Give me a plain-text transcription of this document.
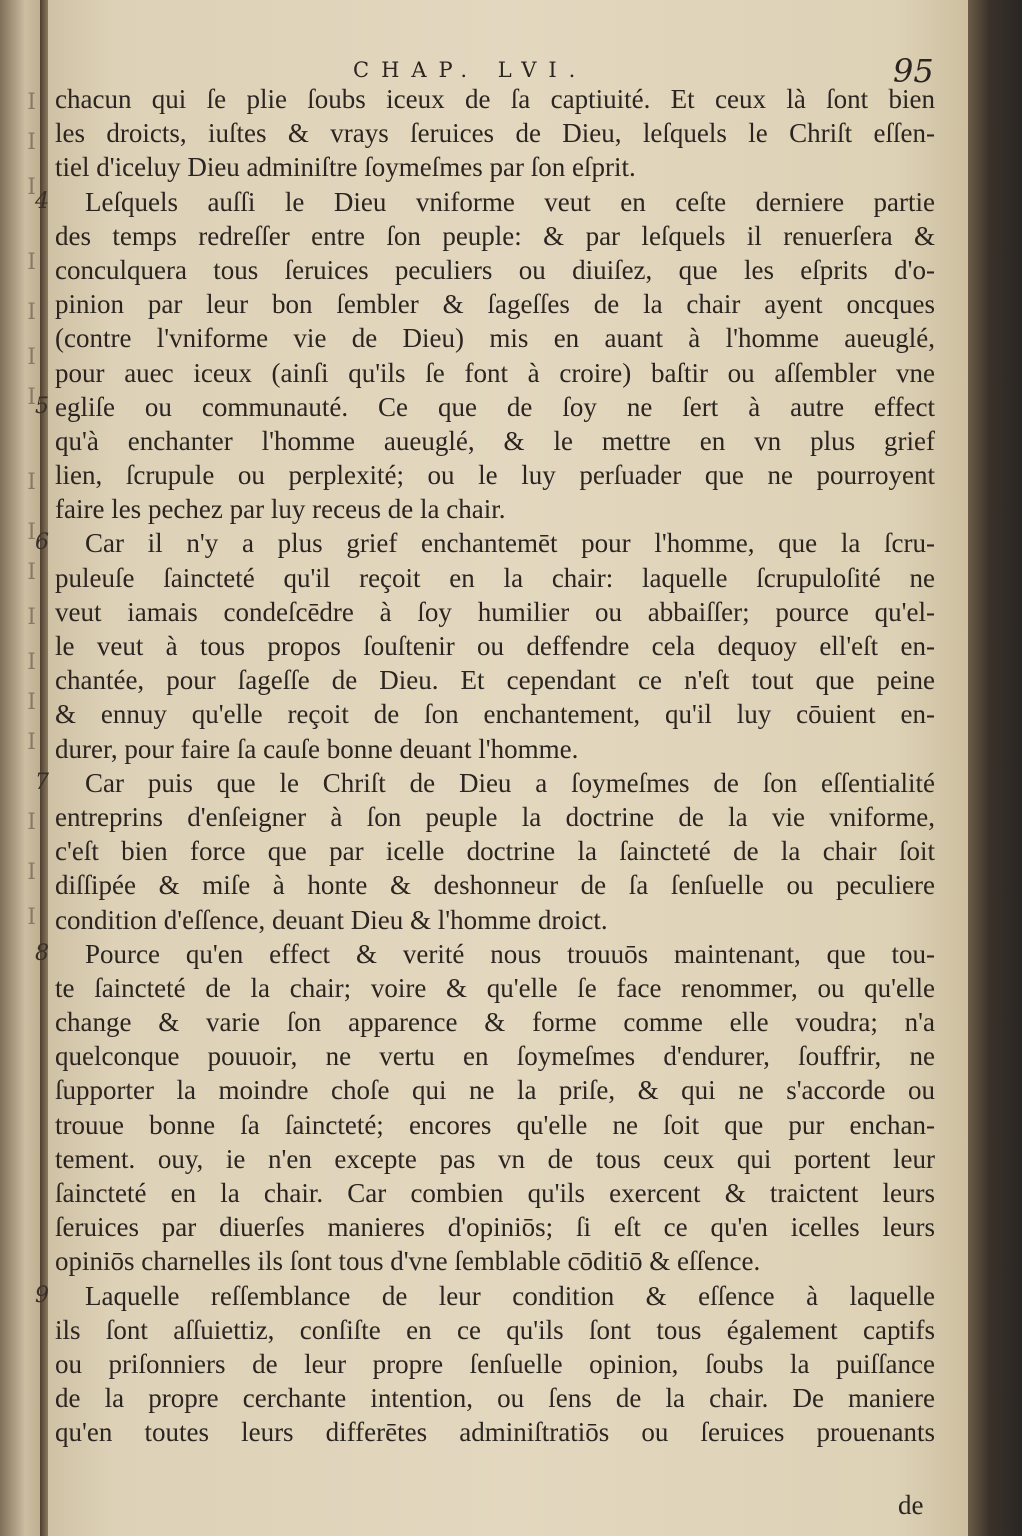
I
I
I
I
I
I
I
I
I
I
I
I
I
I
I
I
I
CHAP. LVI.	95
chacun qui ſe plie ſoubs iceux de ſa captiuité. Et ceux là ſont bien
les droicts, iuſtes & vrays ſeruices de Dieu, leſquels le Chriſt eſſen-
tiel d'iceluy Dieu adminiſtre ſoymeſmes par ſon eſprit.
4	Leſquels auſſi le Dieu vniforme veut en ceſte derniere partie
des temps redreſſer entre ſon peuple: & par leſquels il renuerſera &
conculquera tous ſeruices peculiers ou diuiſez, que les eſprits d'o-
pinion par leur bon ſembler & ſageſſes de la chair ayent oncques
(contre l'vniforme vie de Dieu) mis en auant à l'homme aueuglé,
pour auec iceux (ainſi qu'ils ſe font à croire) baſtir ou aſſembler vne
5 egliſe ou communauté. Ce que de ſoy ne ſert à autre effect
qu'à enchanter l'homme aueuglé, & le mettre en vn plus grief
lien, ſcrupule ou perplexité; ou le luy perſuader que ne pourroyent
faire les pechez par luy receus de la chair.
6	Car il n'y a plus grief enchantemēt pour l'homme, que la ſcru-
puleuſe ſaincteté qu'il reçoit en la chair: laquelle ſcrupuloſité ne
veut iamais condeſcēdre à ſoy humilier ou abbaiſſer; pource qu'el-
le veut à tous propos ſouſtenir ou deffendre cela dequoy ell'eſt en-
chantée, pour ſageſſe de Dieu. Et cependant ce n'eſt tout que peine
& ennuy qu'elle reçoit de ſon enchantement, qu'il luy cōuient en-
durer, pour faire ſa cauſe bonne deuant l'homme.
7	Car puis que le Chriſt de Dieu a ſoymeſmes de ſon eſſentialité
entreprins d'enſeigner à ſon peuple la doctrine de la vie vniforme,
c'eſt bien force que par icelle doctrine la ſaincteté de la chair ſoit
diſſipée & miſe à honte & deshonneur de ſa ſenſuelle ou peculiere
condition d'eſſence, deuant Dieu & l'homme droict.
8	Pource qu'en effect & verité nous trouuōs maintenant, que tou-
te ſaincteté de la chair; voire & qu'elle ſe face renommer, ou qu'elle
change & varie ſon apparence & forme comme elle voudra; n'a
quelconque pouuoir, ne vertu en ſoymeſmes d'endurer, ſouffrir, ne
ſupporter la moindre choſe qui ne la priſe, & qui ne s'accorde ou
trouue bonne ſa ſaincteté; encores qu'elle ne ſoit que pur enchan-
tement. ouy, ie n'en excepte pas vn de tous ceux qui portent leur
ſaincteté en la chair. Car combien qu'ils exercent & traictent leurs
ſeruices par diuerſes manieres d'opiniōs; ſi eſt ce qu'en icelles leurs
opiniōs charnelles ils ſont tous d'vne ſemblable cōditiō & eſſence.
9	Laquelle reſſemblance de leur condition & eſſence à laquelle
ils ſont aſſuiettiz, conſiſte en ce qu'ils ſont tous également captifs
ou priſonniers de leur propre ſenſuelle opinion, ſoubs la puiſſance
de la propre cerchante intention, ou ſens de la chair. De maniere
qu'en toutes leurs differētes adminiſtratiōs ou ſeruices prouenants
de
